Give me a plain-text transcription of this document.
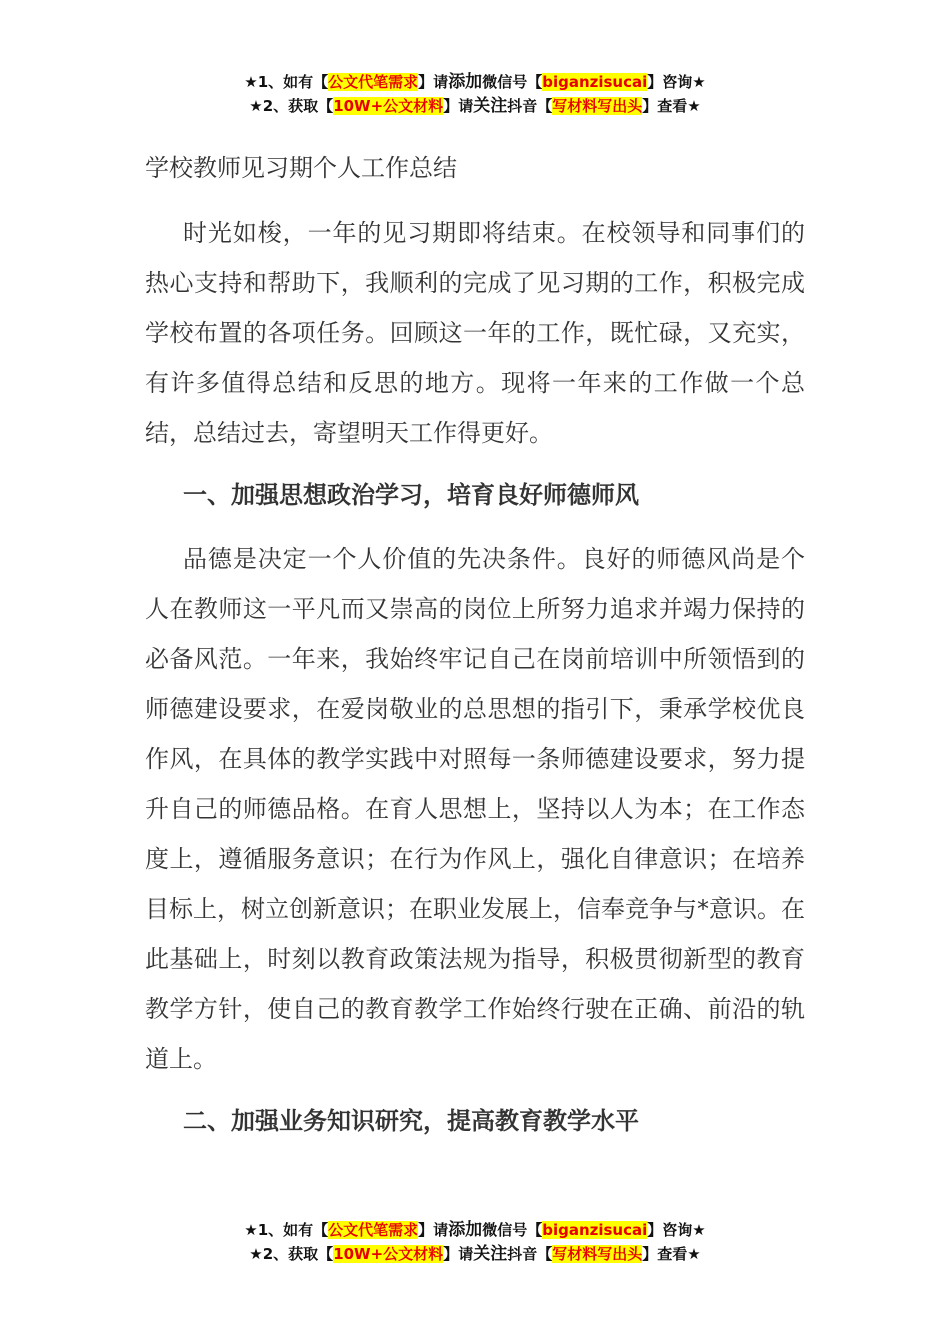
★1、如有【公文代笔需求】请添加微信号【biganzisucai】咨询★
★2、获取【10W+公文材料】请关注抖音【写材料写出头】查看★
学校教师见习期个人工作总结

时光如梭，一年的见习期即将结束。在校领导和同事们的热心支持和帮助下，我顺利的完成了见习期的工作，积极完成学校布置的各项任务。回顾这一年的工作，既忙碌，又充实，有许多值得总结和反思的地方。现将一年来的工作做一个总结，总结过去，寄望明天工作得更好。

一、加强思想政治学习，培育良好师德师风

品德是决定一个人价值的先决条件。良好的师德风尚是个人在教师这一平凡而又崇高的岗位上所努力追求并竭力保持的必备风范。一年来，我始终牢记自己在岗前培训中所领悟到的师德建设要求，在爱岗敬业的总思想的指引下，秉承学校优良作风，在具体的教学实践中对照每一条师德建设要求，努力提升自己的师德品格。在育人思想上，坚持以人为本；在工作态度上，遵循服务意识；在行为作风上，强化自律意识；在培养目标上，树立创新意识；在职业发展上，信奉竞争与*意识。在此基础上，时刻以教育政策法规为指导，积极贯彻新型的教育教学方针，使自己的教育教学工作始终行驶在正确、前沿的轨道上。

二、加强业务知识研究，提高教育教学水平
★1、如有【公文代笔需求】请添加微信号【biganzisucai】咨询★
★2、获取【10W+公文材料】请关注抖音【写材料写出头】查看★
